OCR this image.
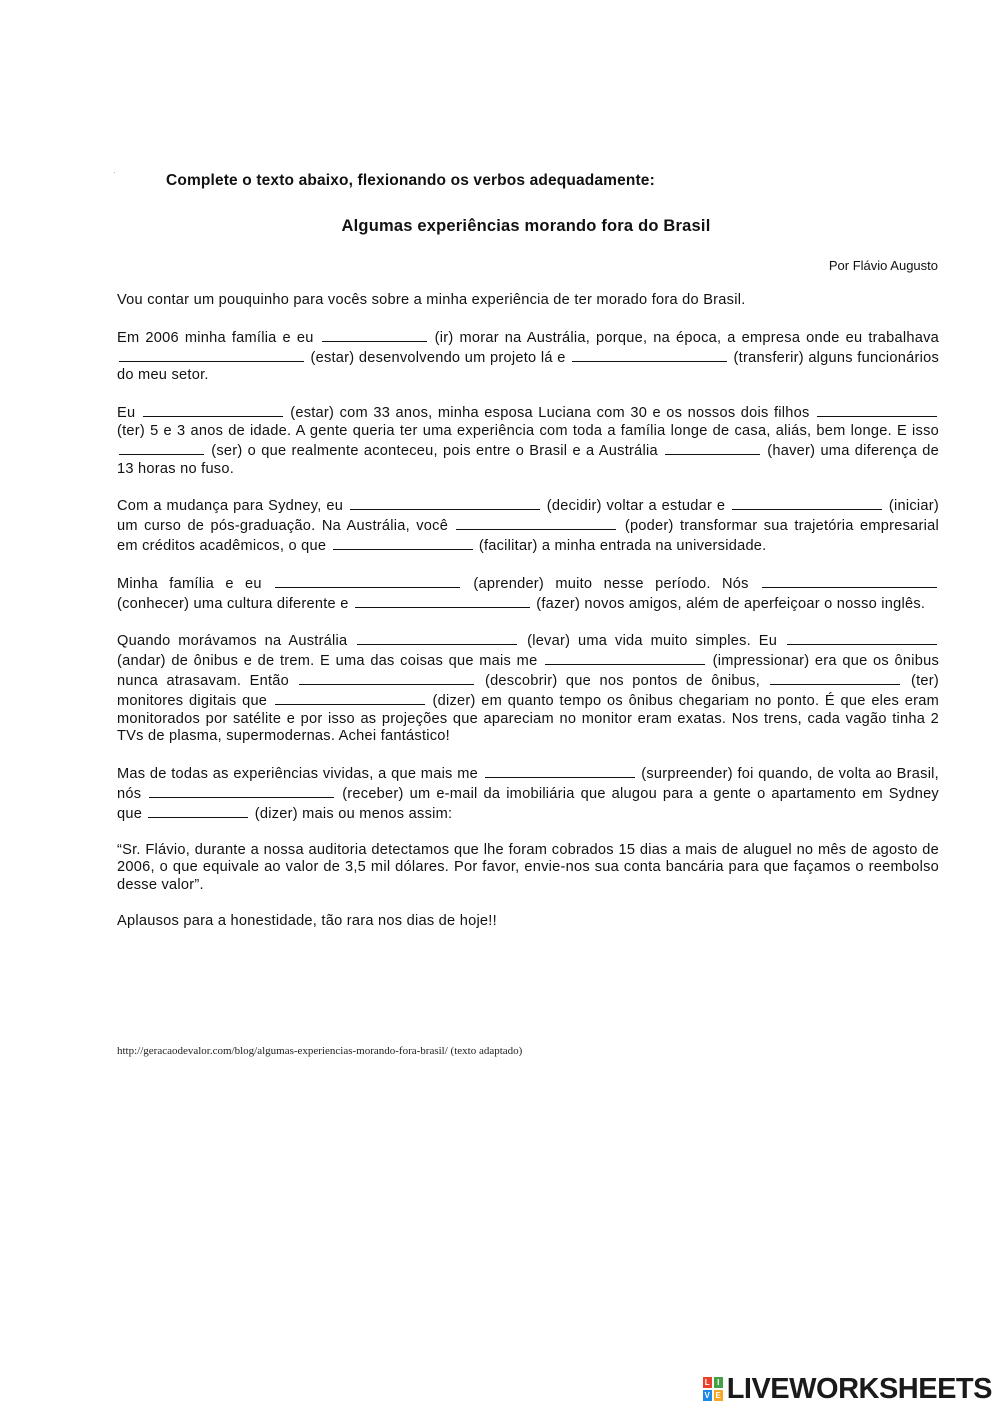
·	Complete o texto abaixo, flexionando os verbos adequadamente:
Algumas experiências morando fora do Brasil
Por Flávio Augusto

Vou contar um pouquinho para vocês sobre a minha experiência de ter morado fora do Brasil.

Em 2006 minha família e eu	(ir) morar na Austrália, porque, na época, a empresa onde eu trabalhava  (estar) desenvolvendo um projeto lá e	(transferir) alguns funcionários do meu setor.

Eu	(estar) com 33 anos, minha esposa Luciana com 30 e os nossos dois filhos  (ter) 5 e 3 anos de idade. A gente queria ter uma experiência com toda a família longe de casa, aliás, bem longe. E isso  (ser) o que realmente aconteceu, pois entre o Brasil e a Austrália	(haver) uma diferença de 13 horas no fuso.

Com a mudança para Sydney, eu	(decidir) voltar a estudar e	(iniciar) um curso de pós-graduação. Na Austrália, você	(poder) transformar sua trajetória empresarial em créditos acadêmicos, o que	(facilitar) a minha entrada na universidade.

Minha família e eu	(aprender) muito nesse período. Nós  (conhecer) uma cultura diferente e	(fazer) novos amigos, além de aperfeiçoar o nosso inglês.

Quando morávamos na Austrália	(levar) uma vida muito simples. Eu  (andar) de ônibus e de trem. E uma das coisas que mais me	(impressionar) era que os ônibus nunca atrasavam. Então	(descobrir) que nos pontos de ônibus,	(ter) monitores digitais que	(dizer) em quanto tempo os ônibus chegariam no ponto. É que eles eram monitorados por satélite e por isso as projeções que apareciam no monitor eram exatas. Nos trens, cada vagão tinha 2 TVs de plasma, supermodernas. Achei fantástico!

Mas de todas as experiências vividas, a que mais me	(surpreender) foi quando, de volta ao Brasil, nós	(receber) um e-mail da imobiliária que alugou para a gente o apartamento em Sydney que	(dizer) mais ou menos assim:

“Sr. Flávio, durante a nossa auditoria detectamos que lhe foram cobrados 15 dias a mais de aluguel no mês de agosto de 2006, o que equivale ao valor de 3,5 mil dólares. Por favor, envie-nos sua conta bancária para que façamos o reembolso desse valor”.

Aplausos para a honestidade, tão rara nos dias de hoje!!

http://geracaodevalor.com/blog/algumas-experiencias-morando-fora-brasil/ (texto adaptado)
L I
V E LIVEWORKSHEETS
